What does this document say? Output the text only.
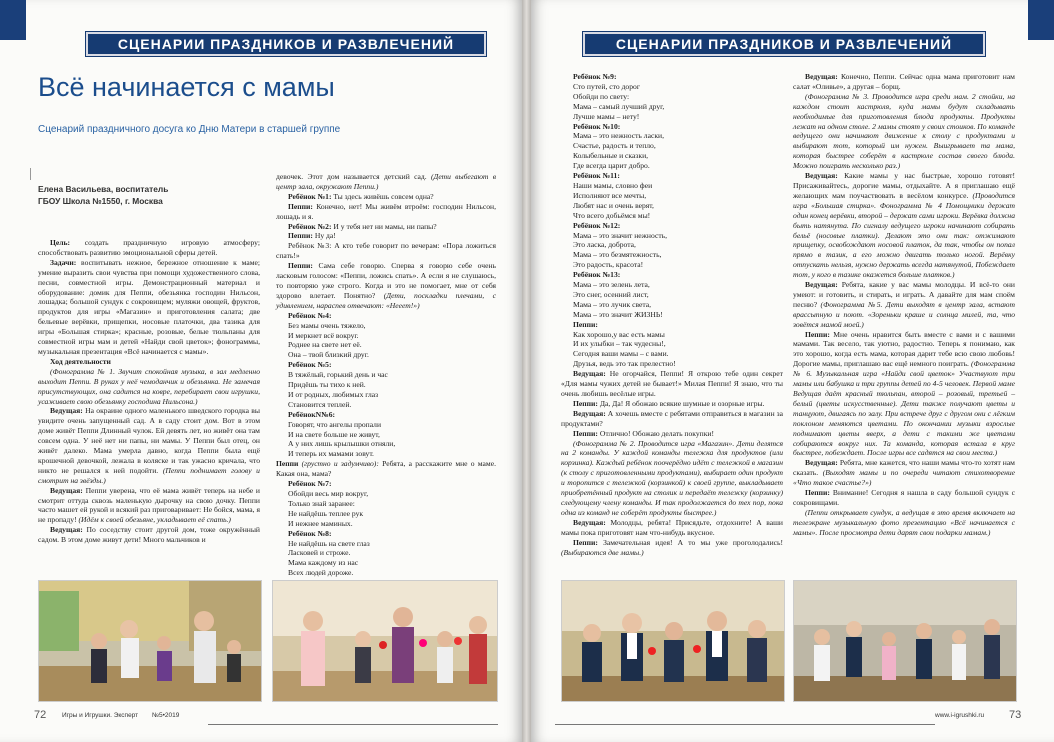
СЦЕНАРИИ ПРАЗДНИКОВ И РАЗВЛЕЧЕНИЙ
Всё начинается с мамы
Сценарий праздничного досуга ко Дню Матери в старшей группе
Елена Васильева, воспитатель
ГБОУ Школа №1550, г. Москва

Цель: создать праздничную игровую атмосферу; способствовать развитию эмоциональной сферы детей.

Задачи: воспитывать нежное, бережное отношение к маме; умение выразить свои чувства при помощи художественного слова, песни, совместной игры. Демонстрационный материал и оборудование: домик для Пеппи, обезьянка господин Нильсон, лошадка; большой сундук с сокровищем; муляжи овощей, фруктов, продуктов для игры «Магазин» и приготовления салата; две бельевые верёвки, прищепки, носовые платочки, два тазика для игры «Большая стирка»; красные, розовые, белые тюльпаны для совместной игры мам и детей «Найди свой цветок»; фонограммы, музыкальная презентация «Всё начинается с мамы».

Ход деятельности

(Фонограмма № 1. Звучит спокойная музыка, в зал медленно выходит Пеппи. В руках у неё чемоданчик и обезьянка. Не замечая присутствующих, она садится на коврe, перебирает свои игрушки, усаживает свою обезьянку господина Нильсона.)

Ведущая: На окраине одного маленького шведского городка вы увидите очень запущенный сад. А в саду стоит дом. Вот в этом доме живёт Пеппи Длинный чулок. Ей девять лет, но живёт она там совсем одна. У неё нет ни папы, ни мамы. У Пеппи был отец, он живёт далеко. Мама умерла давно, когда Пеппи была ещё крошечной девочкой, лежала в коляске и так ужасно кричала, что никто не решался к ней подойти. (Пеппи поднимает голову и смотрит на звёзды.)

Ведущая: Пеппи уверена, что её мама живёт теперь на небе и смотрит оттуда сквозь маленькую дырочку на свою дочку. Пеппи часто машет ей рукой и всякий раз приговаривает: Не бойся, мама, я не пропаду! (Идём к своей обезьяне, укладывает её спать.)

Ведущая: По соседству стоит другой дом, тоже окружённый садом. В этом доме живут дети! Много мальчиков и

девочек. Этот дом называется детский сад. (Дети выбегают в центр зала, окружают Пеппи.)

Ребёнок №1: Ты здесь живёшь совсем одна?

Пеппи: Конечно, нет! Мы живём втроём: господин Нильсон, лошадь и я.

Ребёнок №2: И у тебя нет ни мамы, ни папы?

Пеппи: Ну да!

Ребёнок №3: А кто тебе говорит по вечерам: «Пора ложиться спать!»

Пеппи: Сама себе говорю. Сперва я говорю себе очень ласковым голосом: «Пеппи, ложись спать». А если я не слушаюсь, то повторяю уже строго. Когда и это не помогает, мне от себя здорово влетает. Понятно? (Дети, поскладки плечами, с удивлением, нараспев отвечают: «Нееет!»)

Ребёнок №4:

Без мамы очень тяжело,

И меркнет всё вокруг.

Роднее на свете нет её.

Она – твой близкий друг.

Ребёнок №5:

В тяжёлый, горький день и час

Придёшь ты тихо к ней.

И от родных, любимых глаз

Становится теплей.

РебёнокN№6:

Говорят, что ангелы пропали

И на свете больше не живут,

А у них лишь крылышки отняли,

И теперь их мамами зовут.

Пеппи (грустно и задумчиво): Ребята, а расскажите мне о маме. Какая она, мама?

Ребёнок №7:

Обойди весь мир вокруг,

Только знай заранее:

Не найдёшь теплее рук

И нежнее маминых.

Ребёнок №8:

Не найдёшь на свете глаз

Ласковей и строже.

Мама каждому из нас

Всех людей дороже.

72 Игры и Игрушки. Эксперт №5•2019
СЦЕНАРИИ ПРАЗДНИКОВ И РАЗВЛЕЧЕНИЙ

Ребёнок №9:

Сто путей, сто дорог

Обойди по свету:

Мама – самый лучший друг,

Лучше мамы – нету!

Ребёнок №10:

Мама – это нежность ласки,

Счастье, радость и тепло,

Колыбельные и сказки,

Где всегда царит добро.

Ребёнок №11:

Наши мамы, словно феи

Исполняют все мечты,

Любят нас и очень верят,

Что всего добьёмся мы!

Ребёнок №12:

Мама – это значит нежность,

Это ласка, доброта,

Мама – это безмятежность,

Это радость, красота!

Ребёнок №13:

Мама – это зелень лета,

Это снег, осенний лист,

Мама – это лучик света,

Мама – это значит ЖИЗНЬ!

Пеппи:

Как хорошо,у вас есть мамы

И их улыбки – так чудесны!,

Сегодня ваши мамы – с вами.

Друзья, ведь это так прелестно!

Ведущая: Не огорчайся, Пеппи! Я открою тебе один секрет «Для мамы чужих детей не бывает!» Милая Пеппи! Я знаю, что ты очень любишь весёлые игры.

Пеппи: Да, Да! Я обожаю всякие шумные и озорные игры.

Ведущая: А хочешь вместе с ребятами отправиться в магазин за продуктами?

Пеппи: Отлично! Обожаю делать покупки!

(Фонограмма № 2. Проводится игра «Магазин». Дети делятся на 2 команды. У каждой команды тележка для продуктов (или корзинка). Каждый ребёнок поочерёдно идёт с тележкой в магазин (к столу с приготовленными продуктами), выбирает один продукт и торопится с тележкой (корзинкой) к своей группе, выкладывает приобретённый продукт на столик и передаёт тележку (корзинку) следующему члену команды. И так продолжается до тех пор, пока одна из команд не соберёт продукты быстрее.)

Ведущая: Молодцы, ребята! Присядьте, отдохните! А ваши мамы пока приготовят нам что-нибудь вкусное.

Пеппи: Замечательная идея! А то мы уже проголодались! (Выбираются две мамы.)

Ведущая: Конечно, Пеппи. Сейчас одна мама приготовит нам салат «Оливье», а другая – борщ.

(Фонограмма № 3. Проводится игра среди мам. 2 стойки, на каждом стоит кастрюля, куда мамы будут складывать необходимые для приготовления блюда продукты. Продукты лежат на одном столе. 2 мамы стоят у своих стоиков. По команде ведущего они начинают движение к столу с продуктами и выбирают тот, который им нужен. Выигрывает та мама, которая быстрее соберёт в кастрюле состав своего блюда. Можно поиграть несколько раз.)

Ведущая: Какие мамы у нас быстрые, хорошо готовят! Присаживайтесь, дорогие мамы, отдыхайте. А я приглашаю ещё желающих мам поучаствовать в весёлом конкурсе. (Проводится игра «Большая стирка». Фонограмма № 4 Помощники держат один конец верёвки, второй – держат сами игроки. Верёвка должна быть натянута. По сигналу ведущего игроки начинают собирать бельё (носовые платки). Делают это они так: отжимают прищепку, освобождают носовой платок, да так, чтобы он попал прямо в тазик, а его можно двигать только ногой. Верёвку отпускать нельзя, нужно держать всегда натянутой, Побеждает тот, у кого в тазике окажется больше платков.)

Ведущая: Ребята, какие у вас мамы молодцы. И всё-то они умеют: и готовить, и стирать, и играть. А давайте для мам споём песню? (Фонограмма №5. Дети выходят в центр зала, встают врассыпную и поют. «Зореньки краше и солнца милей, та, что зовётся мамой моей.)

Пеппи: Мне очень нравится быть вместе с вами и с вашими мамами. Так весело, так уютно, радостно. Теперь я понимаю, как это хорошо, когда есть мама, которая дарит тебе всю свою любовь! Дорогие мамы, приглашаю вас ещё немного поиграть. (Фонограмма № 6. Музыкальная игра «Найди свой цветок» Участвуют три мамы или бабушка и три группы детей по 4-5 человек. Первой маме Ведущая даёт красный тюльпан, второй – розовый, третьей – белый (цветы искусственные). Дети также получают цветы и танцуют, двигаясь по залу. При встрече друг с другом они с лёгким поклоном меняются цветами. По окончании музыки взрослые поднимают цветы вверх, а дети с такими же цветами собираются вокруг них. Та команда, которая встала в круг быстрее, побеждает. После игры все садятся на свои места.)

Ведущая: Ребята, мне кажется, что наши мамы что-то хотят нам сказать. (Выходят мамы и по очереди читают стихотворение «Что такое счастье?»)

Пеппи: Внимание! Сегодня я нашла в саду большой сундук с сокровищами.

(Пеппи открывает сундук, а ведущая в это время включает на телеэкране музыкальную фото презентацию «Всё начинается с мамы». После просмотра дети дарят свои подарки мамам.)

www.i-igrushki.ru 73
